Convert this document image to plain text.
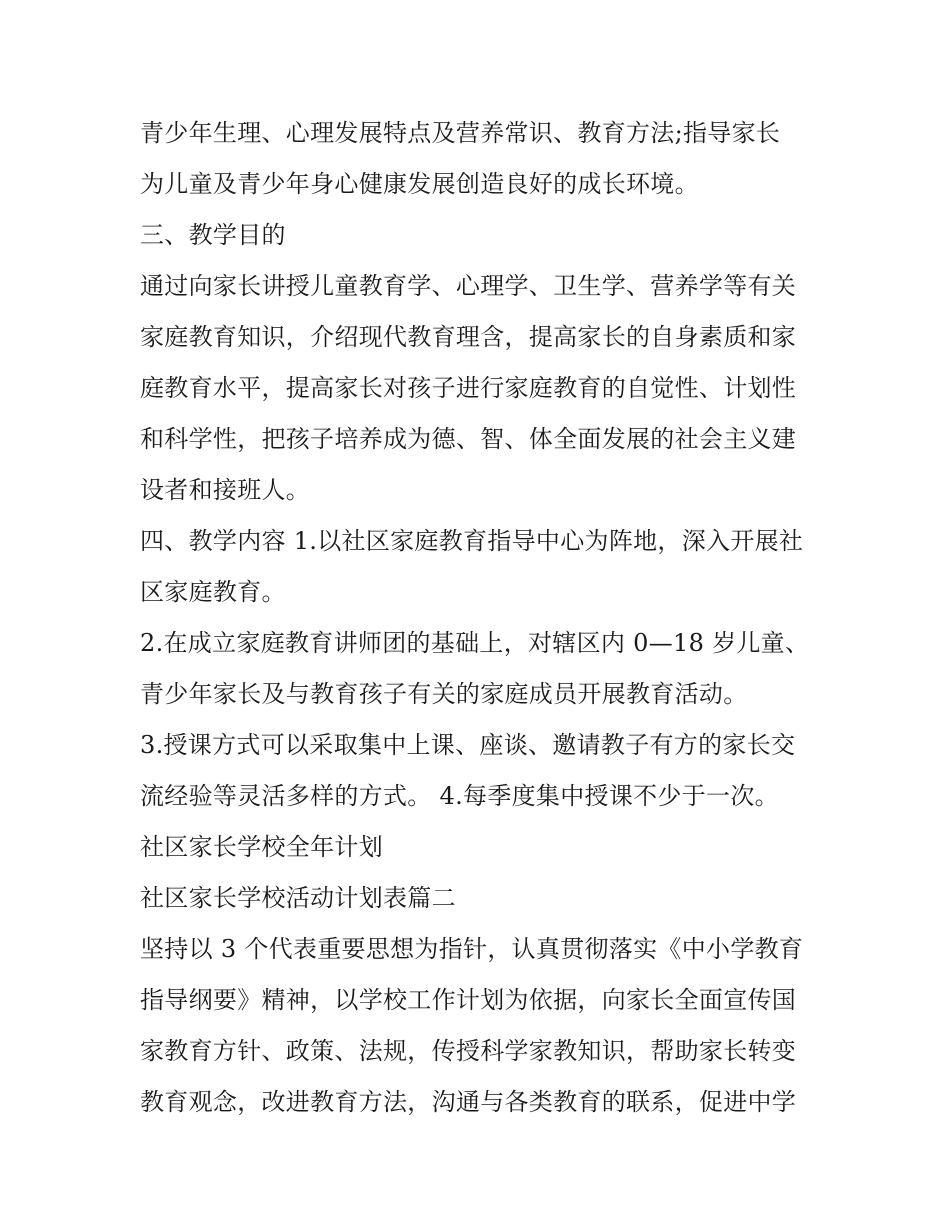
青少年生理、心理发展特点及营养常识、教育方法;指导家长
为儿童及青少年身心健康发展创造良好的成长环境。
三、教学目的
通过向家长讲授儿童教育学、心理学、卫生学、营养学等有关
家庭教育知识，介绍现代教育理含，提高家长的自身素质和家
庭教育水平，提高家长对孩子进行家庭教育的自觉性、计划性
和科学性，把孩子培养成为德、智、体全面发展的社会主义建
设者和接班人。
四、教学内容 1.以社区家庭教育指导中心为阵地，深入开展社
区家庭教育。
2.在成立家庭教育讲师团的基础上，对辖区内 0—18 岁儿童、
青少年家长及与教育孩子有关的家庭成员开展教育活动。
3.授课方式可以采取集中上课、座谈、邀请教子有方的家长交
流经验等灵活多样的方式。 4.每季度集中授课不少于一次。
社区家长学校全年计划
社区家长学校活动计划表篇二
坚持以 3 个代表重要思想为指针，认真贯彻落实《中小学教育
指导纲要》精神，以学校工作计划为依据，向家长全面宣传国
家教育方针、政策、法规，传授科学家教知识，帮助家长转变
教育观念，改进教育方法，沟通与各类教育的联系，促进中学
